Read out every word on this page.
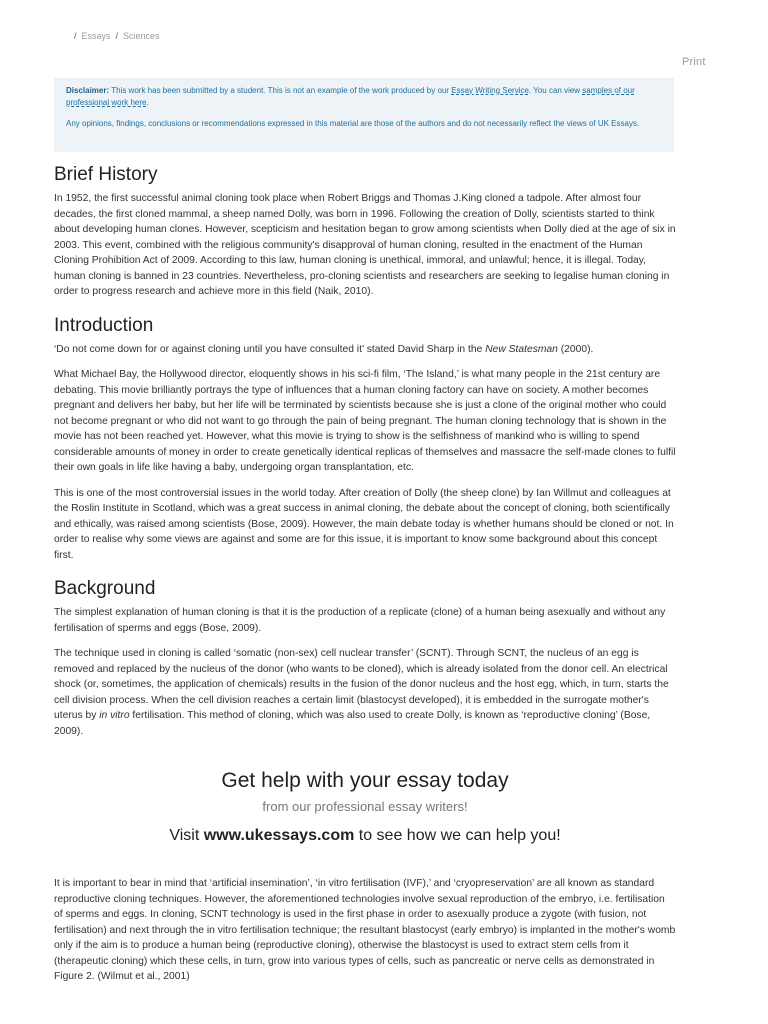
/ Essays / Sciences
Print

Disclaimer: This work has been submitted by a student. This is not an example of the work produced by our Essay Writing Service. You can view samples of our professional work here.

Any opinions, findings, conclusions or recommendations expressed in this material are those of the authors and do not necessarily reflect the views of UK Essays.

Brief History

In 1952, the first successful animal cloning took place when Robert Briggs and Thomas J.King cloned a tadpole. After almost four decades, the first cloned mammal, a sheep named Dolly, was born in 1996. Following the creation of Dolly, scientists started to think about developing human clones. However, scepticism and hesitation began to grow among scientists when Dolly died at the age of six in 2003. This event, combined with the religious community's disapproval of human cloning, resulted in the enactment of the Human Cloning Prohibition Act of 2009. According to this law, human cloning is unethical, immoral, and unlawful; hence, it is illegal. Today, human cloning is banned in 23 countries. Nevertheless, pro-cloning scientists and researchers are seeking to legalise human cloning in order to progress research and achieve more in this field (Naik, 2010).

Introduction

‘Do not come down for or against cloning until you have consulted it’ stated David Sharp in the New Statesman (2000).

What Michael Bay, the Hollywood director, eloquently shows in his sci-fi film, ‘The Island,’ is what many people in the 21st century are debating. This movie brilliantly portrays the type of influences that a human cloning factory can have on society. A mother becomes pregnant and delivers her baby, but her life will be terminated by scientists because she is just a clone of the original mother who could not become pregnant or who did not want to go through the pain of being pregnant. The human cloning technology that is shown in the movie has not been reached yet. However, what this movie is trying to show is the selfishness of mankind who is willing to spend considerable amounts of money in order to create genetically identical replicas of themselves and massacre the self-made clones to fulfil their own goals in life like having a baby, undergoing organ transplantation, etc.

This is one of the most controversial issues in the world today. After creation of Dolly (the sheep clone) by Ian Willmut and colleagues at the Roslin Institute in Scotland, which was a great success in animal cloning, the debate about the concept of cloning, both scientifically and ethically, was raised among scientists (Bose, 2009). However, the main debate today is whether humans should be cloned or not. In order to realise why some views are against and some are for this issue, it is important to know some background about this concept first.

Background

The simplest explanation of human cloning is that it is the production of a replicate (clone) of a human being asexually and without any fertilisation of sperms and eggs (Bose, 2009).

The technique used in cloning is called ‘somatic (non-sex) cell nuclear transfer’ (SCNT). Through SCNT, the nucleus of an egg is removed and replaced by the nucleus of the donor (who wants to be cloned), which is already isolated from the donor cell. An electrical shock (or, sometimes, the application of chemicals) results in the fusion of the donor nucleus and the host egg, which, in turn, starts the cell division process. When the cell division reaches a certain limit (blastocyst developed), it is embedded in the surrogate mother's uterus by in vitro fertilisation. This method of cloning, which was also used to create Dolly, is known as ‘reproductive cloning’ (Bose, 2009).

Get help with your essay today
from our professional essay writers!
Visit www.ukessays.com to see how we can help you!

It is important to bear in mind that ‘artificial insemination’, ‘in vitro fertilisation (IVF),’ and ‘cryopreservation’ are all known as standard reproductive cloning techniques. However, the aforementioned technologies involve sexual reproduction of the embryo, i.e. fertilisation of sperms and eggs. In cloning, SCNT technology is used in the first phase in order to asexually produce a zygote (with fusion, not fertilisation) and next through the in vitro fertilisation technique; the resultant blastocyst (early embryo) is implanted in the mother's womb only if the aim is to produce a human being (reproductive cloning), otherwise the blastocyst is used to extract stem cells from it (therapeutic cloning) which these cells, in turn, grow into various types of cells, such as pancreatic or nerve cells as demonstrated in Figure 2. (Wilmut et al., 2001)
